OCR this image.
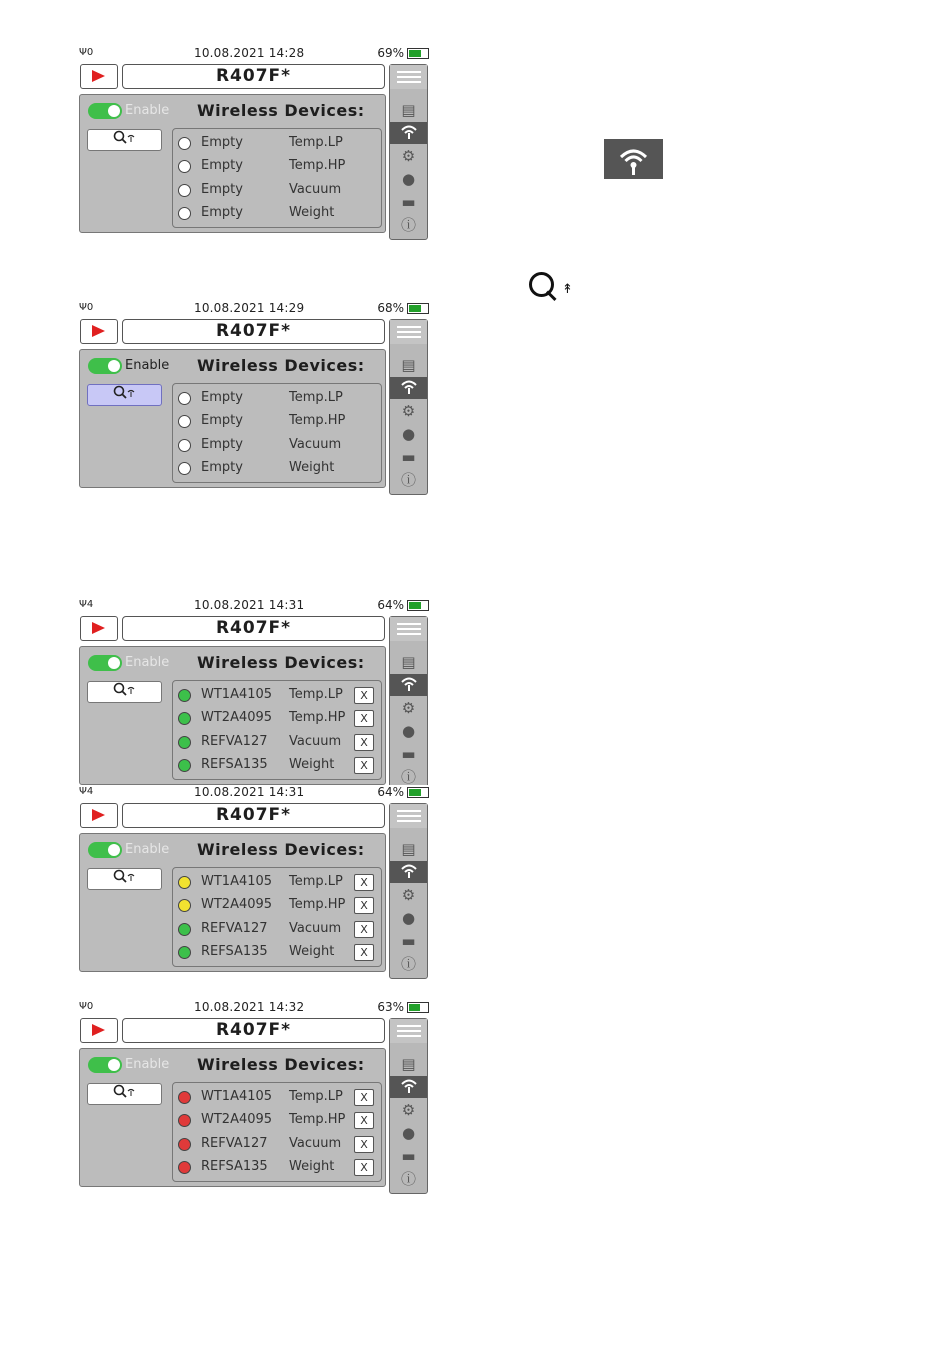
Ψ0	10.08.2021 14:28	69%
R407F*
▤
⚙
●
▬
ⓘ
Enable Wireless Devices:
Empty	Temp.LP
Empty	Temp.HP
Empty	Vacuum
Empty	Weight
Ψ0	10.08.2021 14:29	68%
R407F*
▤
⚙
●
▬
ⓘ
Enable Wireless Devices:
Empty	Temp.LP
Empty	Temp.HP
Empty	Vacuum
Empty	Weight
Ψ4	10.08.2021 14:31	64%
R407F*
▤
⚙
●
▬
ⓘ
Enable Wireless Devices:
WT1A4105 Temp.LP	X
WT2A4095 Temp.HP	X
REFVA127 Vacuum	X
REFSA135 Weight	X
Ψ4	10.08.2021 14:31	64%
R407F*
▤
⚙
●
▬
ⓘ
Enable Wireless Devices:
WT1A4105 Temp.LP	X
WT2A4095 Temp.HP	X
REFVA127 Vacuum	X
REFSA135 Weight	X
Ψ0	10.08.2021 14:32	63%
R407F*
▤
⚙
●
▬
ⓘ
Enable Wireless Devices:
WT1A4105 Temp.LP	X
WT2A4095 Temp.HP	X
REFVA127 Vacuum	X
REFSA135 Weight	X
↟
